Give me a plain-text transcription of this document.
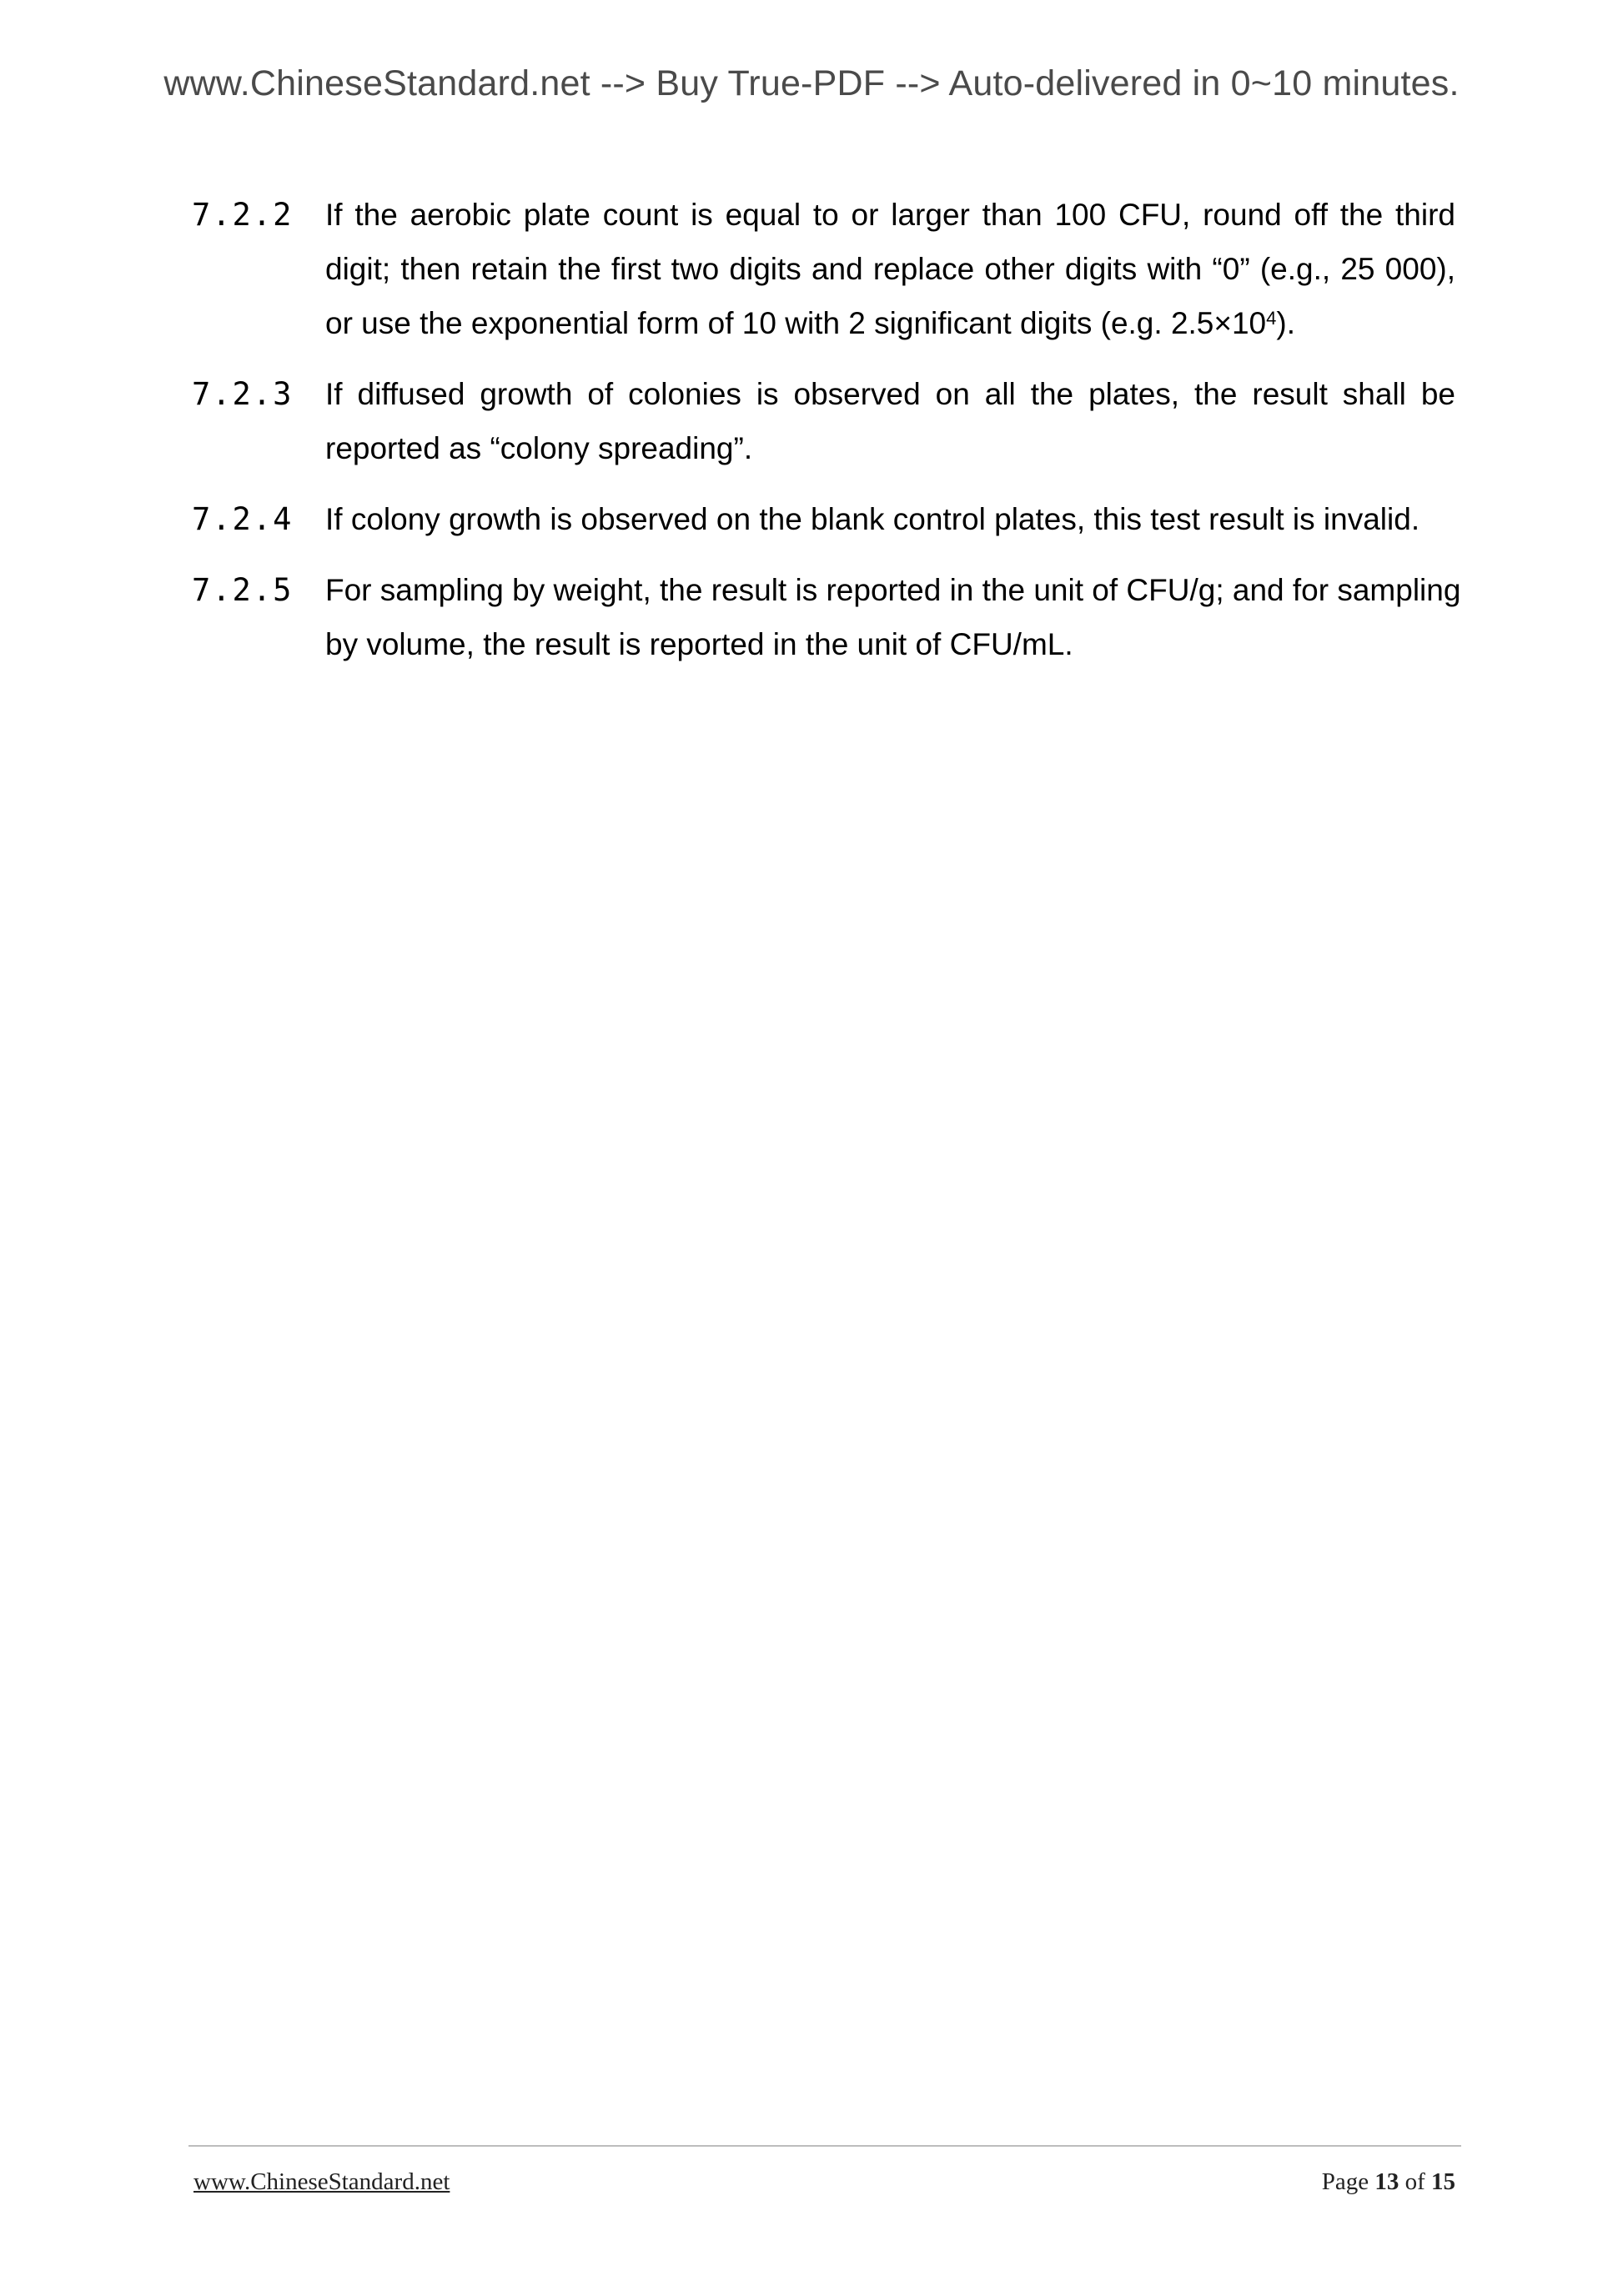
www.ChineseStandard.net --> Buy True-PDF --> Auto-delivered in 0~10 minutes.
7.2.2 If the aerobic plate count is equal to or larger than 100 CFU, round off the third
digit; then retain the first two digits and replace other digits with “0” (e.g., 25 000),
or use the exponential form of 10 with 2 significant digits (e.g. $2.5\times 10^4$).
7.2.3 If diffused growth of colonies is observed on all the plates, the result shall be
reported as “colony spreading”.
7.2.4 If colony growth is observed on the blank control plates, this test result is invalid.
7.2.5 For sampling by weight, the result is reported in the unit of CFU/g; and for sampling
by volume, the result is reported in the unit of CFU/mL.
www.ChineseStandard.net	Page 13 of 15
